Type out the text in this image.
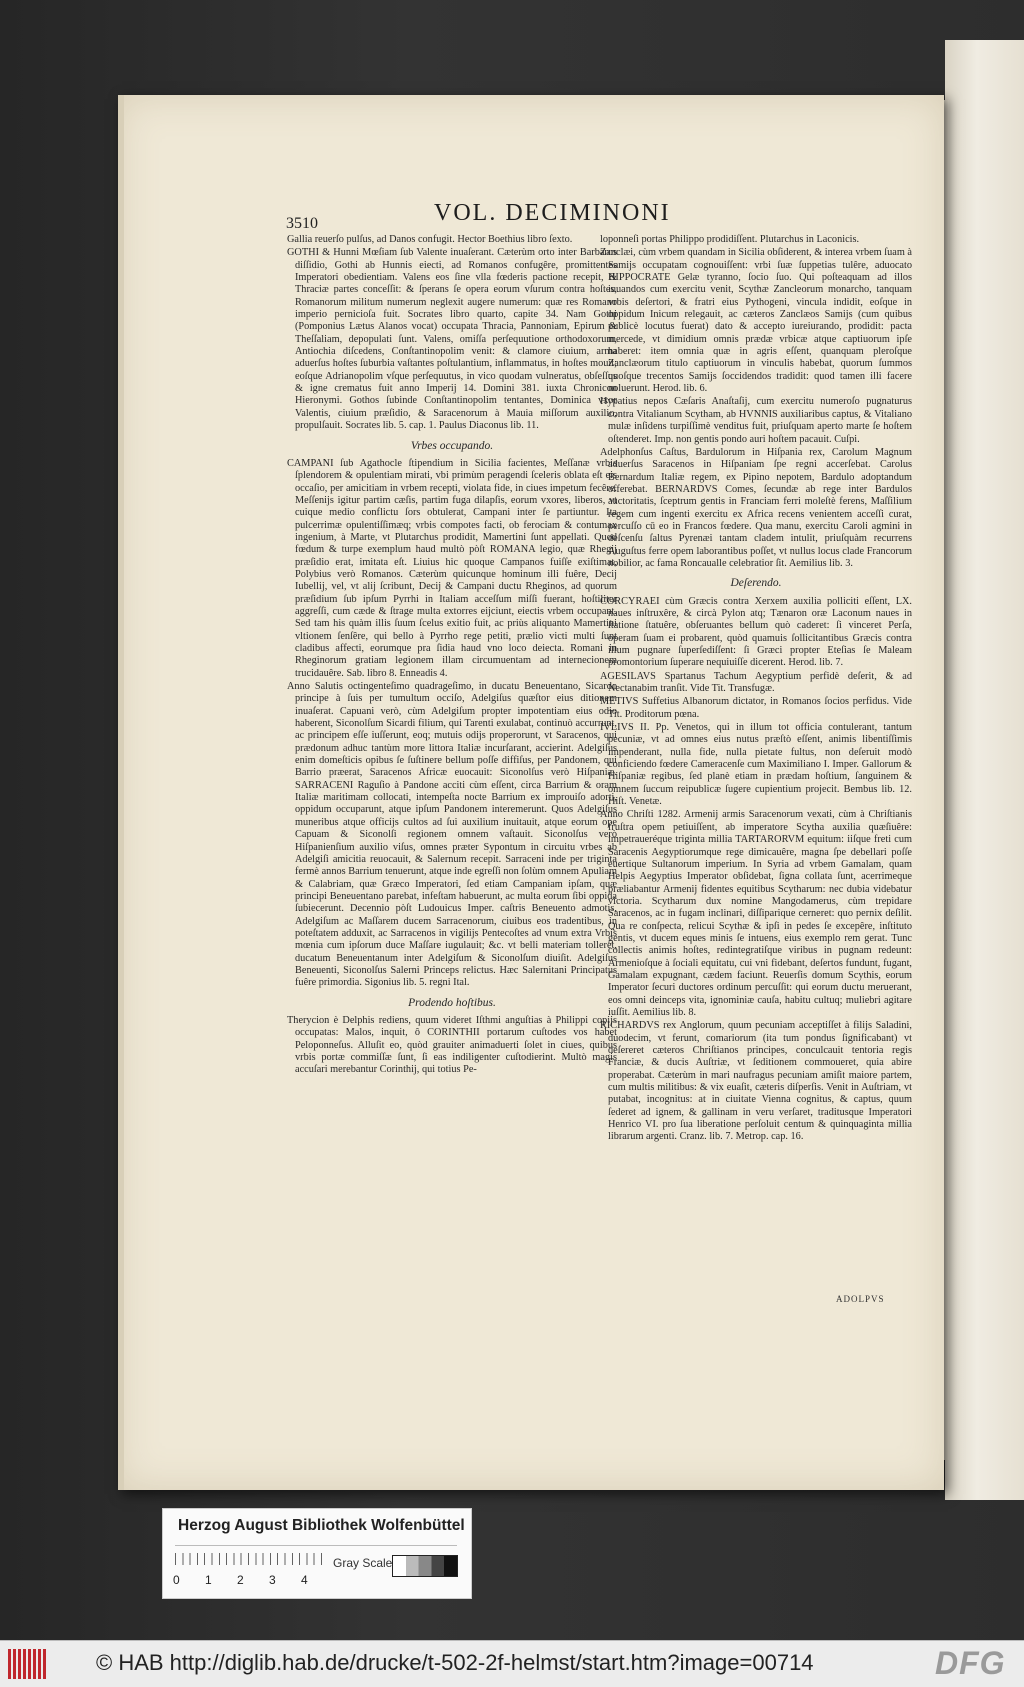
3510	VOL. DECIMINONI

Gallia reuerſo pulſus, ad Danos confugit. Hector Boethius libro ſexto.

GOTHI & Hunni Mœſiam ſub Valente inuaſerant. Cæterùm orto inter Barbaros diſſidio, Gothi ab Hunnis eiecti, ad Romanos confugêre, promittentes Imperatori obedientiam. Valens eos ſine vlla fœderis pactione recepit, & Thraciæ partes conceſſit: & ſperans ſe opera eorum vſurum contra hoſtes, Romanorum militum numerum neglexit augere numerum: quæ res Romano imperio pernicioſa fuit. Socrates libro quarto, capite 34. Nam Gothi (Pomponius Lætus Alanos vocat) occupata Thracia, Pannoniam, Epirum & Theſſaliam, depopulati ſunt. Valens, omiſſa perſequutione orthodoxorum, Antiochia diſcedens, Conſtantinopolim venit: & clamore ciuium, arma aduerſus hoſtes ſuburbia vaſtantes poſtulantium, inflammatus, in hoſtes mouit; eoſque Adrianopolim vſque perſequutus, in vico quodam vulneratus, obſeſſus & igne crematus fuit anno Imperij 14. Domini 381. iuxta Chronicon Hieronymi. Gothos ſubinde Conſtantinopolim tentantes, Dominica vxor Valentis, ciuium præſidio, & Saracenorum à Mauia miſſorum auxilio, propulſauit. Socrates lib. 5. cap. 1. Paulus Diaconus lib. 11.

Vrbes occupando.

CAMPANI ſub Agathocle ſtipendium in Sicilia facientes, Meſſanæ vrbis ſplendorem & opulentiam mirati, vbi primùm peragendi ſceleris oblata eſt eis occaſio, per amicitiam in vrbem recepti, violata fide, in ciues impetum fecêre. Meſſenijs igitur partim cæſis, partim fuga dilapſis, eorum vxores, liberos, vt cuique medio conflictu ſors obtulerat, Campani inter ſe partiuntur. Ita pulcerrimæ opulentiſſimæq; vrbis compotes facti, ob ferociam & contumax ingenium, à Marte, vt Plutarchus prodidit, Mamertini ſunt appellati. Quod fœdum & turpe exemplum haud multò pòſt ROMANA legio, quæ Rhegij præſidio erat, imitata eſt. Liuius hic quoque Campanos fuiſſe exiſtimat, Polybius verò Romanos. Cæterùm quicunque hominum illi fuêre, Decij Iubellij, vel, vt alij ſcribunt, Decij & Campani ductu Rheginos, ad quorum præſidium ſub ipſum Pyrrhi in Italiam acceſſum miſſi fuerant, hoſtiliter aggreſſi, cum cæde & ſtrage multa extorres eijciunt, eiectis vrbem occupant. Sed tam his quàm illis ſuum ſcelus exitio fuit, ac priùs aliquanto Mamertini vltionem ſenſêre, qui bello à Pyrrho rege petiti, prælio victi multi ſunt cladibus affecti, eorumque pra ſidia haud vno loco deiecta. Romani in Rheginorum gratiam legionem illam circumuentam ad internecionem trucidauêre. Sab. libro 8. Enneadis 4.

Anno Salutis octingenteſimo quadrageſimo, in ducatu Beneuentano, Sicardo principe à ſuis per tumultum occiſo, Adelgiſus quæſtor eius ditionem inuaſerat. Capuani verò, cùm Adelgiſum propter impotentiam eius odio haberent, Siconolſum Sicardi filium, qui Tarenti exulabat, continuò accurrunt, ac principem eſſe iuſſerunt, eoq; mutuis odijs properorunt, vt Saracenos, qui prædonum adhuc tantùm more littora Italiæ incurſarant, accierint. Adelgiſus enim domeſticis opibus ſe ſuſtinere bellum poſſe diffiſus, per Pandonem, qui Barrio præerat, Saracenos Africæ euocauit: Siconolſus verò Hiſpaniæ. SARRACENI Raguſio à Pandone acciti cùm eſſent, circa Barrium & oram Italiæ maritimam collocati, intempeſta nocte Barrium ex improuiſo adorti, oppidum occuparunt, atque ipſum Pandonem interemerunt. Quos Adelgiſus muneribus atque officijs cultos ad ſui auxilium inuitauit, atque eorum ope Capuam & Siconolſi regionem omnem vaſtauit. Siconolſus verò Hiſpanienſium auxilio viſus, omnes præter Sypontum in circuitu vrbes ab Adelgiſi amicitia reuocauit, & Salernum recepit. Sarraceni inde per triginta fermè annos Barrium tenuerunt, atque inde egreſſi non ſolùm omnem Apuliam & Calabriam, quæ Græco Imperatori, ſed etiam Campaniam ipſam, quæ principi Beneuentano parebat, infeſtam habuerunt, ac multa eorum ſibi oppida ſubiecerunt. Decennio pòſt Ludouicus Imper. caſtris Beneuento admotis, Adelgiſum ac Maſſarem ducem Sarracenorum, ciuibus eos tradentibus, in poteſtatem adduxit, ac Sarracenos in vigilijs Pentecoſtes ad vnum extra Vrbis mœnia cum ipſorum duce Maſſare iugulauit; &c. vt belli materiam tolleret, ducatum Beneuentanum inter Adelgiſum & Siconolſum diuiſit. Adelgiſus Beneuenti, Siconolſus Salerni Princeps relictus. Hæc Salernitani Principatus fuêre primordia. Sigonius lib. 5. regni Ital.

Prodendo hoſtibus.

Therycion è Delphis rediens, quum videret Iſthmi anguſtias à Philippi copijs occupatas: Malos, inquit, ô CORINTHII portarum cuſtodes vos habet Peloponneſus. Alluſit eo, quòd grauiter animaduerti ſolet in ciues, quibus vrbis portæ commiſſæ ſunt, ſi eas indiligenter cuſtodierint. Multò magis accuſari merebantur Corinthij, qui totius Pe-

loponneſi portas Philippo prodidiſſent. Plutarchus in Laconicis.

Zanclæi, cùm vrbem quandam in Sicilia obſiderent, & interea vrbem ſuam à Samijs occupatam cognouiſſent: vrbi ſuæ ſuppetias tulêre, aduocato HIPPOCRATE Gelæ tyranno, ſocio ſuo. Qui poſteaquam ad illos iuuandos cum exercitu venit, Scythæ Zancleorum monarcho, tanquam vrbis deſertori, & fratri eius Pythogeni, vincula indidit, eoſque in oppidum Inicum relegauit, ac cæteros Zanclæos Samijs (cum quibus publicè locutus fuerat) dato & accepto iureiurando, prodidit: pacta mercede, vt dimidium omnis prædæ vrbicæ atque captiuorum ipſe haberet: item omnia quæ in agris eſſent, quanquam pleroſque Zanclæorum titulo captiuorum in vinculis habebat, quorum ſummos quoſque trecentos Samijs ſoccidendos tradidit: quod tamen illi facere noluerunt. Herod. lib. 6.

Hypatius nepos Cæſaris Anaſtaſij, cum exercitu numeroſo pugnaturus contra Vitalianum Scytham, ab HVNNIS auxiliaribus captus, & Vitaliano mulæ inſidens turpiſſimè venditus fuit, priuſquam aperto marte ſe hoſtem oſtenderet. Imp. non gentis pondo auri hoſtem pacauit. Cuſpi.

Adelphonſus Caſtus, Bardulorum in Hiſpania rex, Carolum Magnum aduerſus Saracenos in Hiſpaniam ſpe regni accerſebat. Carolus Bernardum Italiæ regem, ex Pipino nepotem, Bardulo adoptandum offerebat. BERNARDVS Comes, ſecundæ ab rege inter Bardulos auctoritatis, ſceptrum gentis in Franciam ferri moleſtè ferens, Maſſilium regem cum ingenti exercitu ex Africa recens venientem acceſſi curat, percuſſo cū eo in Francos fœdere. Qua manu, exercitu Caroli agmini in deſcenſu ſaltus Pyrenæi tantam cladem intulit, priuſquàm recurrens Auguſtus ferre opem laborantibus poſſet, vt nullus locus clade Francorum nobilior, ac fama Roncaualle celebratior ſit. Aemilius lib. 3.

Deſerendo.

CORCYRAEI cùm Græcis contra Xerxem auxilia polliciti eſſent, LX. naues inſtruxêre, & circà Pylon atq; Tænaron oræ Laconum naues in ſtatione ſtatuêre, obſeruantes bellum quò caderet: ſi vinceret Perſa, operam ſuam ei probarent, quòd quamuis ſollicitantibus Græcis contra illum pugnare ſuperſediſſent: ſi Græci propter Eteſias ſe Maleam promontorium ſuperare nequiuiſſe dicerent. Herod. lib. 7.

AGESILAVS Spartanus Tachum Aegyptium perfidè deſerit, & ad Nectanabim tranſit. Vide Tit. Transfugæ.

METIVS Suffetius Albanorum dictator, in Romanos ſocios perfidus. Vide Tit. Proditorum pœna.

IVLIVS II. Pp. Venetos, qui in illum tot officia contulerant, tantum pecuniæ, vt ad omnes eius nutus præſtò eſſent, animis libentiſſimis impenderant, nulla fide, nulla pietate fultus, non deſeruit modò conficiendo fœdere Cameracenſe cum Maximiliano I. Imper. Gallorum & Hiſpaniæ regibus, ſed planè etiam in prædam hoſtium, ſanguinem & omnem ſuccum reipublicæ ſugere cupientium projecit. Bembus lib. 12. Hiſt. Venetæ.

Anno Chriſti 1282. Armenij armis Saracenorum vexati, cùm à Chriſtianis fruſtra opem petiuiſſent, ab imperatore Scytha auxilia quæſiuêre: impetraueréque triginta millia TARTARORVM equitum: iiſque freti cum Saracenis Aegyptiorumque rege dimicauêre, magna ſpe debellari poſſe euertique Sultanorum imperium. In Syria ad vrbem Gamalam, quam Helpis Aegyptius Imperator obſidebat, ſigna collata ſunt, acerrimeque præliabantur Armenij fidentes equitibus Scytharum: nec dubia videbatur victoria. Scytharum dux nomine Mangodamerus, cùm trepidare Saracenos, ac in fugam inclinari, diſſiparique cerneret: quo pernix deſilit. Qua re conſpecta, relicui Scythæ & ipſi in pedes ſe excepêre, inſtituto gentis, vt ducem eques minis ſe intuens, eius exemplo rem gerat. Tunc collectis animis hoſtes, redintegratiſque viribus in pugnam redeunt: Armenioſque à ſociali equitatu, cui vni fidebant, deſertos fundunt, fugant, Gamalam expugnant, cædem faciunt. Reuerſis domum Scythis, eorum Imperator ſecuri ductores ordinum percuſſit: qui eorum ductu meruerant, eos omni deinceps vita, ignominiæ cauſa, habitu cultuq; muliebri agitare iuſſit. Aemilius lib. 8.

RICHARDVS rex Anglorum, quum pecuniam acceptiſſet à filijs Saladini, duodecim, vt ferunt, comariorum (ita tum pondus ſignificabant) vt deſereret cæteros Chriſtianos principes, conculcauit tentoria regis Franciæ, & ducis Auſtriæ, vt ſeditionem commoueret, quia abire properabat. Cæterùm in mari naufragus pecuniam amiſit maiore partem, cum multis militibus: & vix euaſit, cæteris diſperſis. Venit in Auſtriam, vt putabat, incognitus: at in ciuitate Vienna cognitus, & captus, quum ſederet ad ignem, & gallinam in veru verſaret, traditusque Imperatori Henrico VI. pro ſua liberatione perſoluit centum & quinquaginta millia librarum argenti. Cranz. lib. 7. Metrop. cap. 16.

ADOLPVS
Herzog August Bibliothek Wolfenbüttel
Gray Scale
0	1	2	3	4
© HAB http://diglib.hab.de/drucke/t-502-2f-helmst/start.htm?image=00714	DFG
